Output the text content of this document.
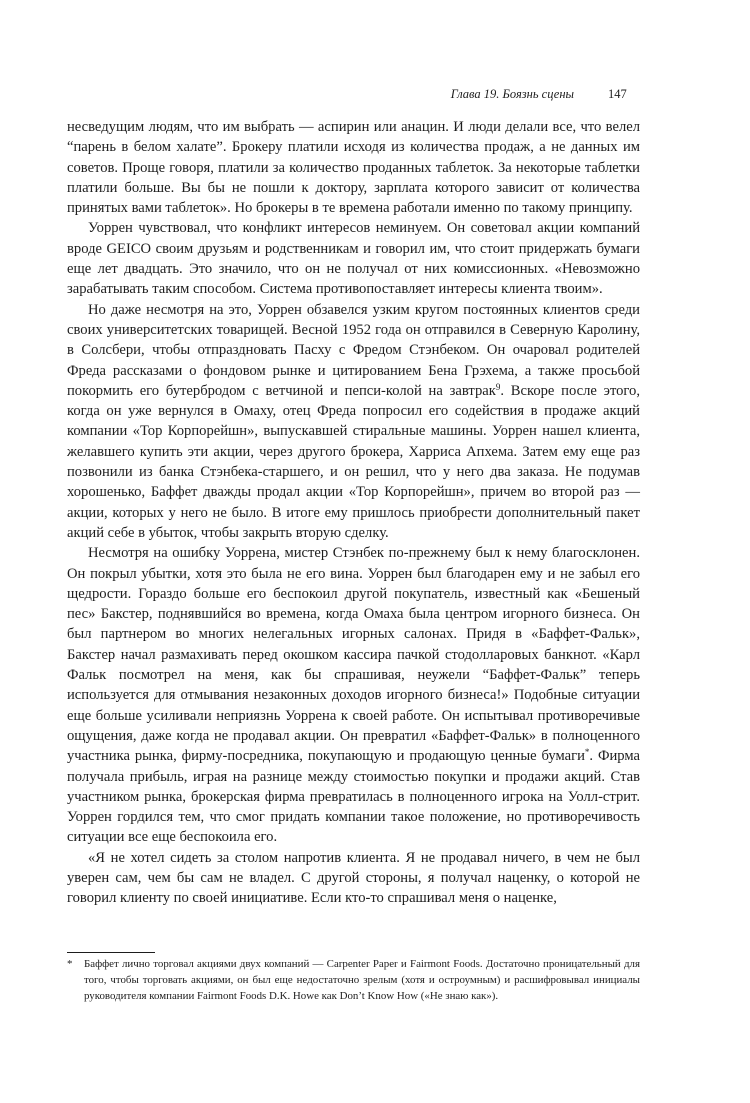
Глава 19. Боязнь сцены	147

несведущим людям, что им выбрать — аспирин или анацин. И люди делали все, что велел “парень в белом халате”. Брокеру платили исходя из количества продаж, а не данных им советов. Проще говоря, платили за количество проданных таблеток. За некоторые таблетки платили больше. Вы бы не пошли к доктору, зарплата которого зависит от количества принятых вами таблеток». Но брокеры в те времена работали именно по такому принципу.

Уоррен чувствовал, что конфликт интересов неминуем. Он советовал акции компаний вроде GEICO своим друзьям и родственникам и говорил им, что стоит придержать бумаги еще лет двадцать. Это значило, что он не получал от них комиссионных. «Невозможно зарабатывать таким способом. Система противопоставляет интересы клиента твоим».

Но даже несмотря на это, Уоррен обзавелся узким кругом постоянных клиентов среди своих университетских товарищей. Весной 1952 года он отправился в Северную Каролину, в Солсбери, чтобы отпраздновать Пасху с Фредом Стэнбеком. Он очаровал родителей Фреда рассказами о фондовом рынке и цитированием Бена Грэхема, а также просьбой покормить его бутербродом с ветчиной и пепси-колой на завтрак$^9$. Вскоре после этого, когда он уже вернулся в Омаху, отец Фреда попросил его содействия в продаже акций компании «Тор Корпорейшн», выпускавшей стиральные машины. Уоррен нашел клиента, желавшего купить эти акции, через другого брокера, Харриса Апхема. Затем ему еще раз позвонили из банка Стэнбека-старшего, и он решил, что у него два заказа. Не подумав хорошенько, Баффет дважды продал акции «Тор Корпорейшн», причем во второй раз — акции, которых у него не было. В итоге ему пришлось приобрести дополнительный пакет акций себе в убыток, чтобы закрыть вторую сделку.

Несмотря на ошибку Уоррена, мистер Стэнбек по-прежнему был к нему благосклонен. Он покрыл убытки, хотя это была не его вина. Уоррен был благодарен ему и не забыл его щедрости. Гораздо больше его беспокоил другой покупатель, известный как «Бешеный пес» Бакстер, поднявшийся во времена, когда Омаха была центром игорного бизнеса. Он был партнером во многих нелегальных игорных салонах. Придя в «Баффет-Фальк», Бакстер начал размахивать перед окошком кассира пачкой стодолларовых банкнот. «Карл Фальк посмотрел на меня, как бы спрашивая, неужели “Баффет-Фальк” теперь используется для отмывания незаконных доходов игорного бизнеса!» Подобные ситуации еще больше усиливали неприязнь Уоррена к своей работе. Он испытывал противоречивые ощущения, даже когда не продавал акции. Он превратил «Баффет-Фальк» в полноценного участника рынка, фирму-посредника, покупающую и продающую ценные бумаги*. Фирма получала прибыль, играя на разнице между стоимостью покупки и продажи акций. Став участником рынка, брокерская фирма превратилась в полноценного игрока на Уолл-стрит. Уоррен гордился тем, что смог придать компании такое положение, но противоречивость ситуации все еще беспокоила его.

«Я не хотел сидеть за столом напротив клиента. Я не продавал ничего, в чем не был уверен сам, чем бы сам не владел. С другой стороны, я получал наценку, о которой не говорил клиенту по своей инициативе. Если кто-то спрашивал меня о наценке,

* Баффет лично торговал акциями двух компаний — Carpenter Paper и Fairmont Foods. Достаточно проницательный для того, чтобы торговать акциями, он был еще недостаточно зрелым (хотя и остроумным) и расшифровывал инициалы руководителя компании Fairmont Foods D.K. Howe как Don’t Know How («Не знаю как»).
